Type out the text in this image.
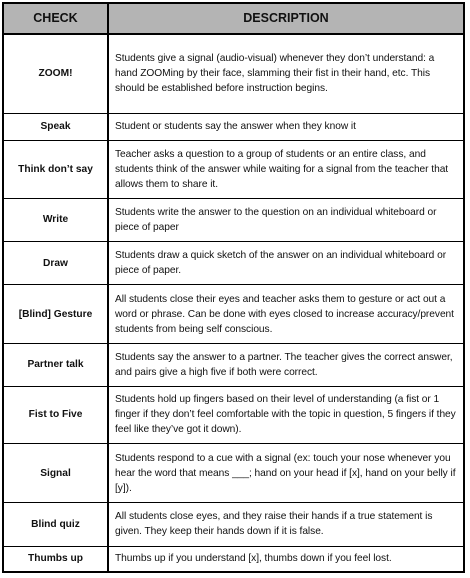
CHECK	DESCRIPTION
ZOOM!	Students give a signal (audio-visual) whenever they don’t understand: a hand ZOOMing by their face, slamming their fist in their hand, etc. This should be established before instruction begins.
Speak	Student or students say the answer when they know it
Think don’t say	Teacher asks a question to a group of students or an entire class, and students think of the answer while waiting for a signal from the teacher that allows them to share it.
Write	Students write the answer to the question on an individual whiteboard or piece of paper
Draw	Students draw a quick sketch of the answer on an individual whiteboard or piece of paper.
[Blind] Gesture	All students close their eyes and teacher asks them to gesture or act out a word or phrase. Can be done with eyes closed to increase accuracy/prevent students from being self conscious.
Partner talk	Students say the answer to a partner. The teacher gives the correct answer, and pairs give a high five if both were correct.
Fist to Five	Students hold up fingers based on their level of understanding (a fist or 1 finger if they don’t feel comfortable with the topic in question, 5 fingers if they feel like they’ve got it down).
Signal	Students respond to a cue with a signal (ex: touch your nose whenever you hear the word that means ___; hand on your head if [x], hand on your belly if [y]).
Blind quiz	All students close eyes, and they raise their hands if a true statement is given. They keep their hands down if it is false.
Thumbs up	Thumbs up if you understand [x], thumbs down if you feel lost.
